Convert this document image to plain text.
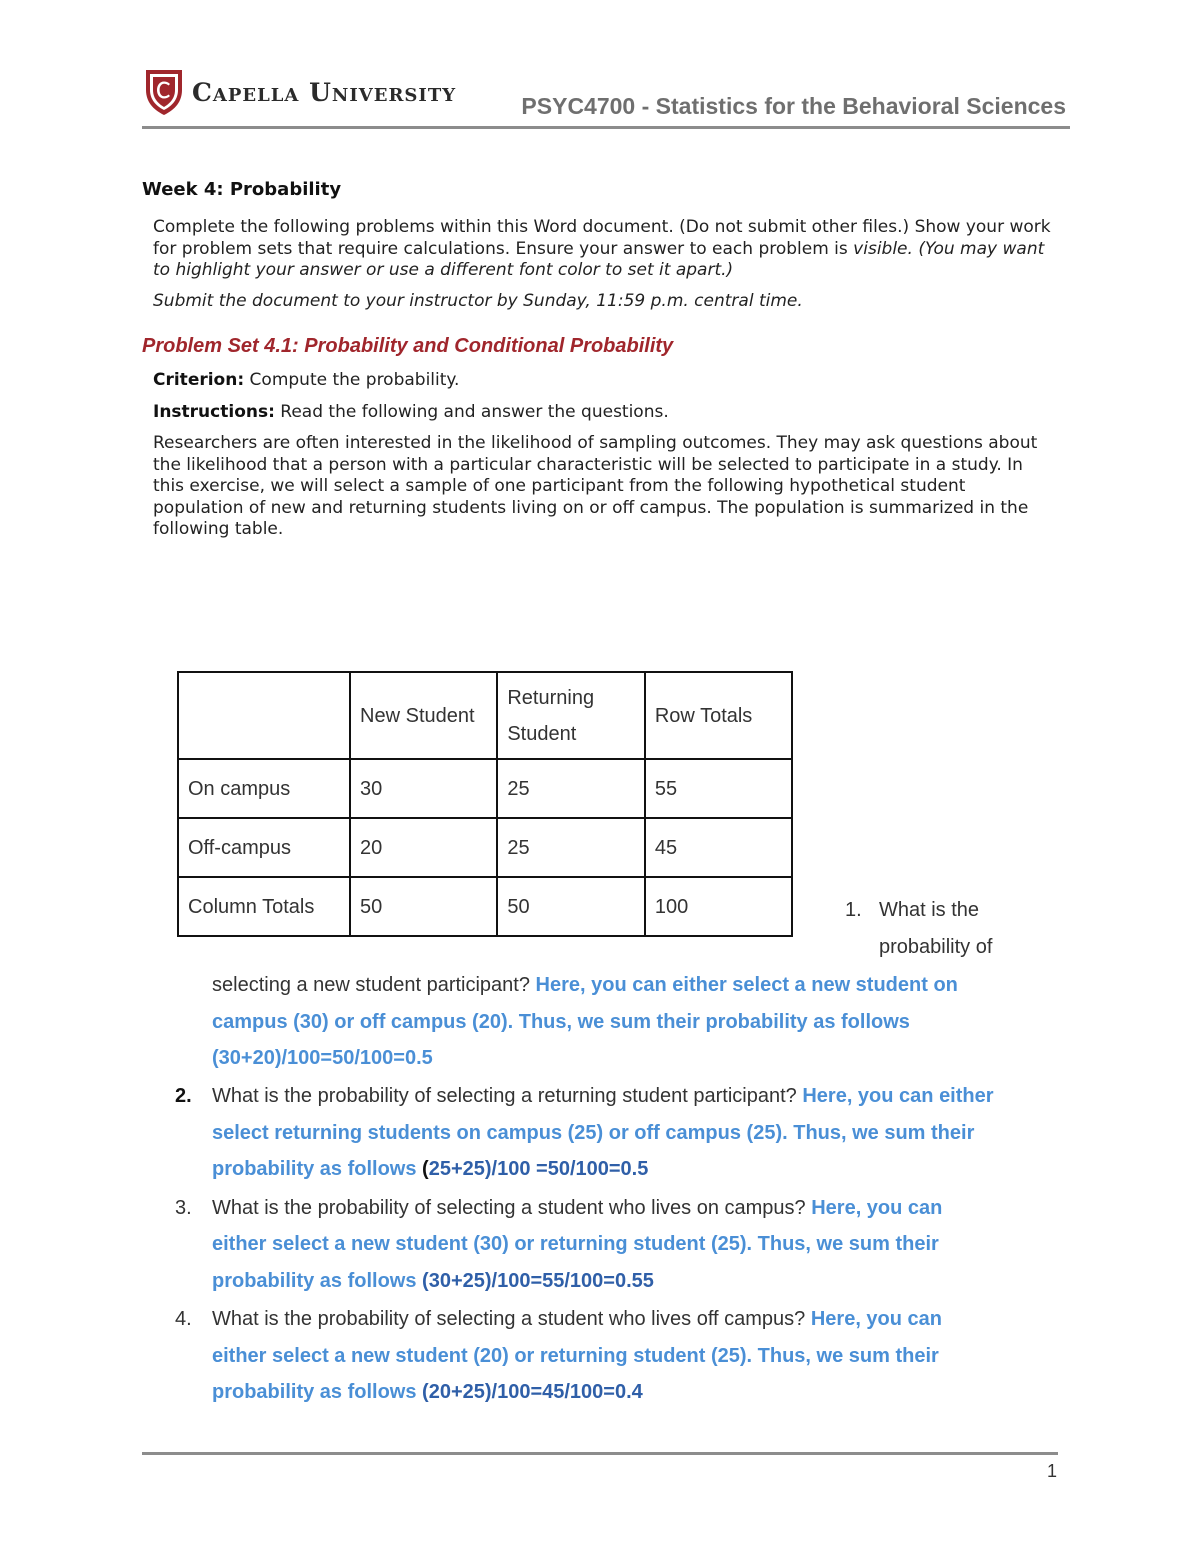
Capella University	PSYC4700 - Statistics for the Behavioral Sciences
Week 4: Probability
Complete the following problems within this Word document. (Do not submit other files.) Show your work for problem sets that require calculations. Ensure your answer to each problem is visible. (You may want to highlight your answer or use a different font color to set it apart.)
Submit the document to your instructor by Sunday, 11:59 p.m. central time.
Problem Set 4.1: Probability and Conditional Probability
Criterion: Compute the probability.
Instructions: Read the following and answer the questions.
Researchers are often interested in the likelihood of sampling outcomes. They may ask questions about the likelihood that a person with a particular characteristic will be selected to participate in a study. In this exercise, we will select a sample of one participant from the following hypothetical student population of new and returning students living on or off campus. The population is summarized in the following table.
	New Student	Returning Student	Row Totals
On campus	30	25	55
Off-campus	20	25	45
Column Totals	50	50	100	1. What is the
probability of
selecting a new student participant? Here, you can either select a new student on
campus (30) or off campus (20). Thus, we sum their probability as follows
(30+20)/100=50/100=0.5
2. What is the probability of selecting a returning student participant? Here, you can either
select returning students on campus (25) or off campus (25). Thus, we sum their
probability as follows (25+25)/100 =50/100=0.5
3. What is the probability of selecting a student who lives on campus? Here, you can
either select a new student (30) or returning student (25). Thus, we sum their
probability as follows (30+25)/100=55/100=0.55
4. What is the probability of selecting a student who lives off campus? Here, you can
either select a new student (20) or returning student (25). Thus, we sum their
probability as follows (20+25)/100=45/100=0.4
1
